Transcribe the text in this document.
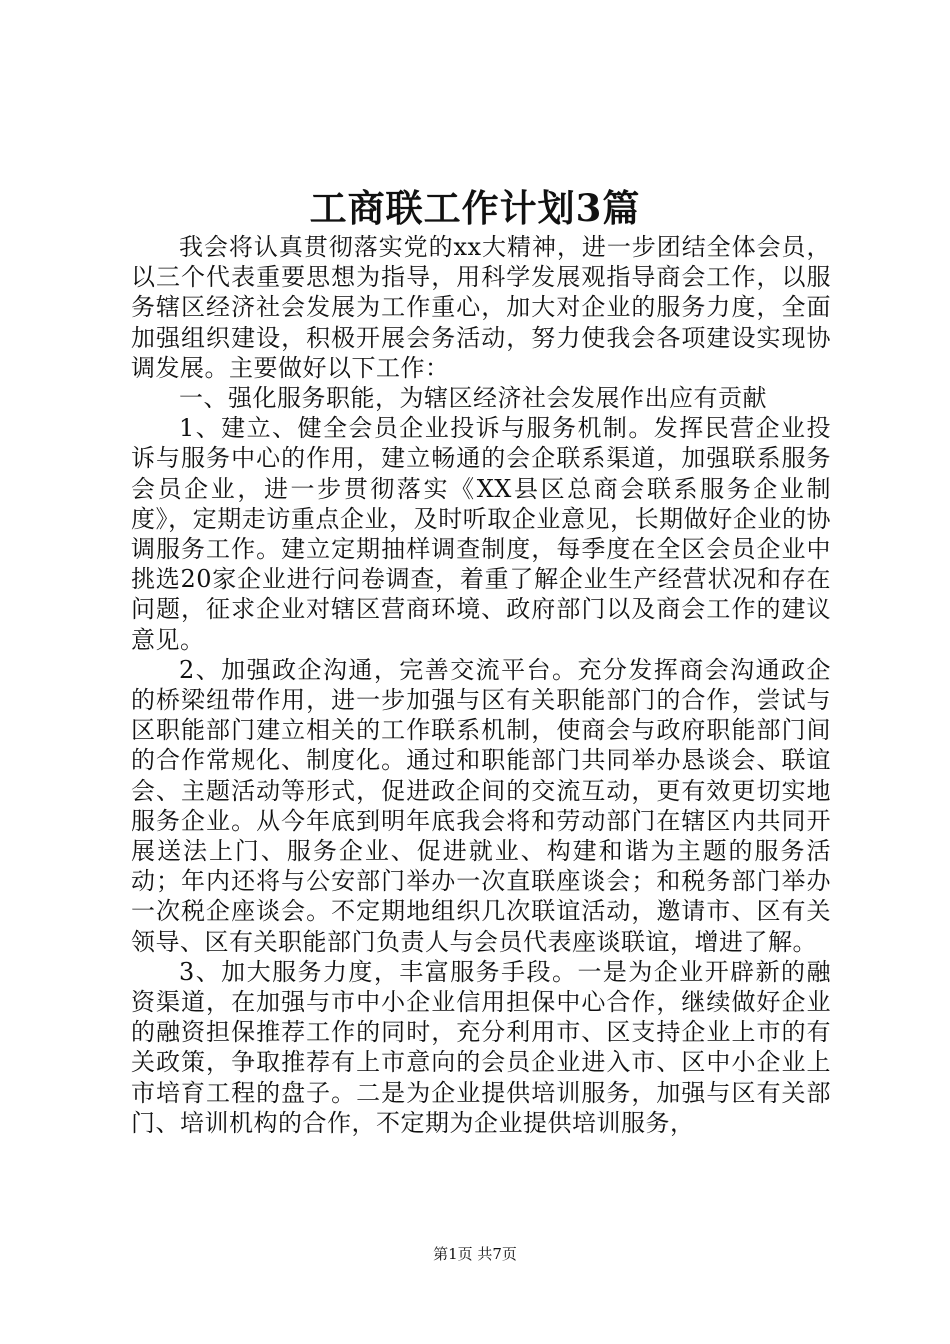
工商联工作计划3篇

我会将认真贯彻落实党的xx大精神，进一步团结全体会员，以三个代表重要思想为指导，用科学发展观指导商会工作，以服务辖区经济社会发展为工作重心，加大对企业的服务力度，全面加强组织建设，积极开展会务活动，努力使我会各项建设实现协调发展。主要做好以下工作：

一、强化服务职能，为辖区经济社会发展作出应有贡献

1、建立、健全会员企业投诉与服务机制。发挥民营企业投诉与服务中心的作用，建立畅通的会企联系渠道，加强联系服务会员企业，进一步贯彻落实《XX县区总商会联系服务企业制度》，定期走访重点企业，及时听取企业意见，长期做好企业的协调服务工作。建立定期抽样调查制度，每季度在全区会员企业中挑选20家企业进行问卷调查，着重了解企业生产经营状况和存在问题，征求企业对辖区营商环境、政府部门以及商会工作的建议意见。

2、加强政企沟通，完善交流平台。充分发挥商会沟通政企的桥梁纽带作用，进一步加强与区有关职能部门的合作，尝试与区职能部门建立相关的工作联系机制，使商会与政府职能部门间的合作常规化、制度化。通过和职能部门共同举办恳谈会、联谊会、主题活动等形式，促进政企间的交流互动，更有效更切实地服务企业。从今年底到明年底我会将和劳动部门在辖区内共同开展送法上门、服务企业、促进就业、构建和谐为主题的服务活动；年内还将与公安部门举办一次直联座谈会；和税务部门举办一次税企座谈会。不定期地组织几次联谊活动，邀请市、区有关领导、区有关职能部门负责人与会员代表座谈联谊，增进了解。

3、加大服务力度，丰富服务手段。一是为企业开辟新的融资渠道，在加强与市中小企业信用担保中心合作，继续做好企业的融资担保推荐工作的同时，充分利用市、区支持企业上市的有关政策，争取推荐有上市意向的会员企业进入市、区中小企业上市培育工程的盘子。二是为企业提供培训服务，加强与区有关部门、培训机构的合作，不定期为企业提供培训服务，

第1页 共7页
